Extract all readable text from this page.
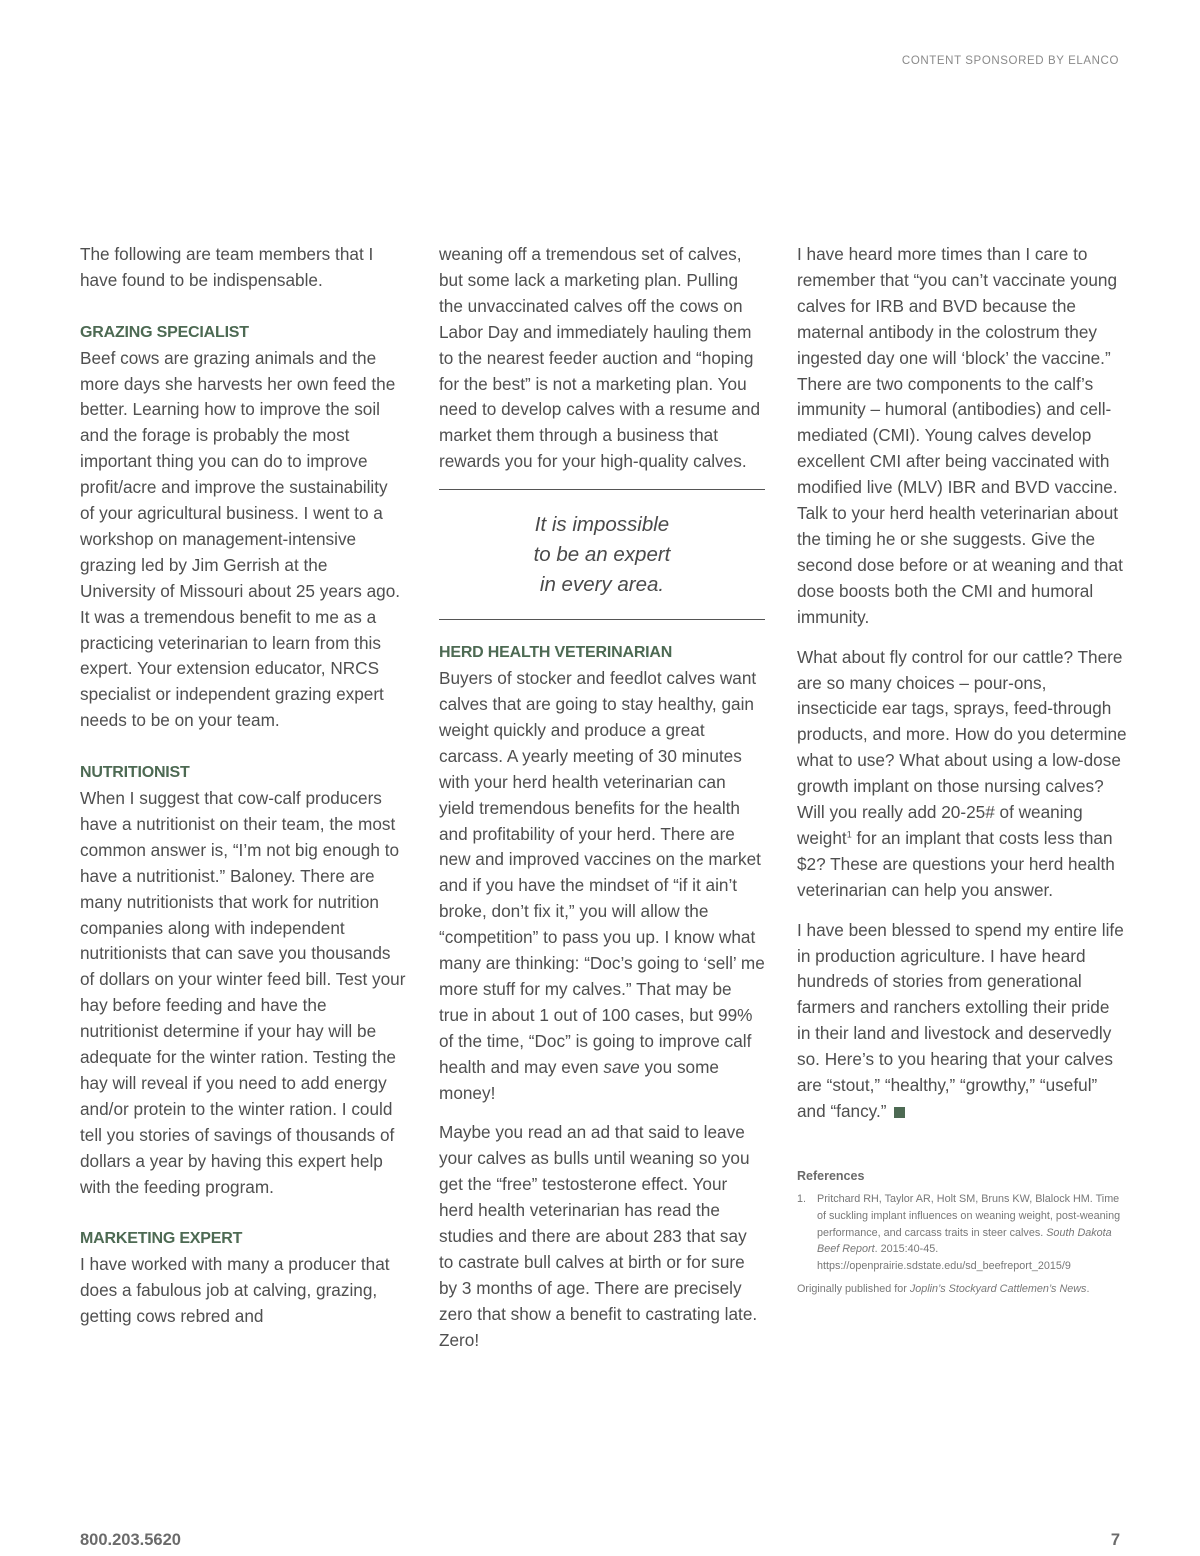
CONTENT SPONSORED BY ELANCO

The following are team members that I have found to be indispensable.

GRAZING SPECIALIST

Beef cows are grazing animals and the more days she harvests her own feed the better. Learning how to improve the soil and the forage is probably the most important thing you can do to improve profit/acre and improve the sustainability of your agricultural business. I went to a workshop on management-intensive grazing led by Jim Gerrish at the University of Missouri about 25 years ago. It was a tremendous benefit to me as a practicing veterinarian to learn from this expert. Your extension educator, NRCS specialist or independent grazing expert needs to be on your team.

NUTRITIONIST

When I suggest that cow-calf producers have a nutritionist on their team, the most common answer is, “I’m not big enough to have a nutritionist.” Baloney. There are many nutritionists that work for nutrition companies along with independent nutritionists that can save you thousands of dollars on your winter feed bill. Test your hay before feeding and have the nutritionist determine if your hay will be adequate for the winter ration. Testing the hay will reveal if you need to add energy and/or protein to the winter ration. I could tell you stories of savings of thousands of dollars a year by having this expert help with the feeding program.

MARKETING EXPERT

I have worked with many a producer that does a fabulous job at calving, grazing, getting cows rebred and

weaning off a tremendous set of calves, but some lack a marketing plan. Pulling the unvaccinated calves off the cows on Labor Day and immediately hauling them to the nearest feeder auction and “hoping for the best” is not a marketing plan. You need to develop calves with a resume and market them through a business that rewards you for your high-quality calves.

It is impossible
to be an expert
in every area.

HERD HEALTH VETERINARIAN

Buyers of stocker and feedlot calves want calves that are going to stay healthy, gain weight quickly and produce a great carcass. A yearly meeting of 30 minutes with your herd health veterinarian can yield tremendous benefits for the health and profitability of your herd. There are new and improved vaccines on the market and if you have the mindset of “if it ain’t broke, don’t fix it,” you will allow the “competition” to pass you up. I know what many are thinking: “Doc’s going to ‘sell’ me more stuff for my calves.” That may be true in about 1 out of 100 cases, but 99% of the time, “Doc” is going to improve calf health and may even save you some money!

Maybe you read an ad that said to leave your calves as bulls until weaning so you get the “free” testosterone effect. Your herd health veterinarian has read the studies and there are about 283 that say to castrate bull calves at birth or for sure by 3 months of age. There are precisely zero that show a benefit to castrating late. Zero!

I have heard more times than I care to remember that “you can’t vaccinate young calves for IRB and BVD because the maternal antibody in the colostrum they ingested day one will ‘block’ the vaccine.” There are two components to the calf’s immunity – humoral (antibodies) and cell-mediated (CMI). Young calves develop excellent CMI after being vaccinated with modified live (MLV) IBR and BVD vaccine. Talk to your herd health veterinarian about the timing he or she suggests. Give the second dose before or at weaning and that dose boosts both the CMI and humoral immunity.

What about fly control for our cattle? There are so many choices – pour-ons, insecticide ear tags, sprays, feed-through products, and more. How do you determine what to use? What about using a low-dose growth implant on those nursing calves? Will you really add 20-25# of weaning weight$^1$ for an implant that costs less than $2? These are questions your herd health veterinarian can help you answer.

I have been blessed to spend my entire life in production agriculture. I have heard hundreds of stories from generational farmers and ranchers extolling their pride in their land and livestock and deservedly so. Here’s to you hearing that your calves are “stout,” “healthy,” “growthy,” “useful” and “fancy.”

References
1.	Pritchard RH, Taylor AR, Holt SM, Bruns KW, Blalock HM. Time of suckling implant influences on weaning weight, post-weaning performance, and carcass traits in steer calves. South Dakota Beef Report. 2015:40-45. https://openprairie.sdstate.edu/sd_beefreport_2015/9
Originally published for Joplin’s Stockyard Cattlemen’s News.
800.203.5620	7
